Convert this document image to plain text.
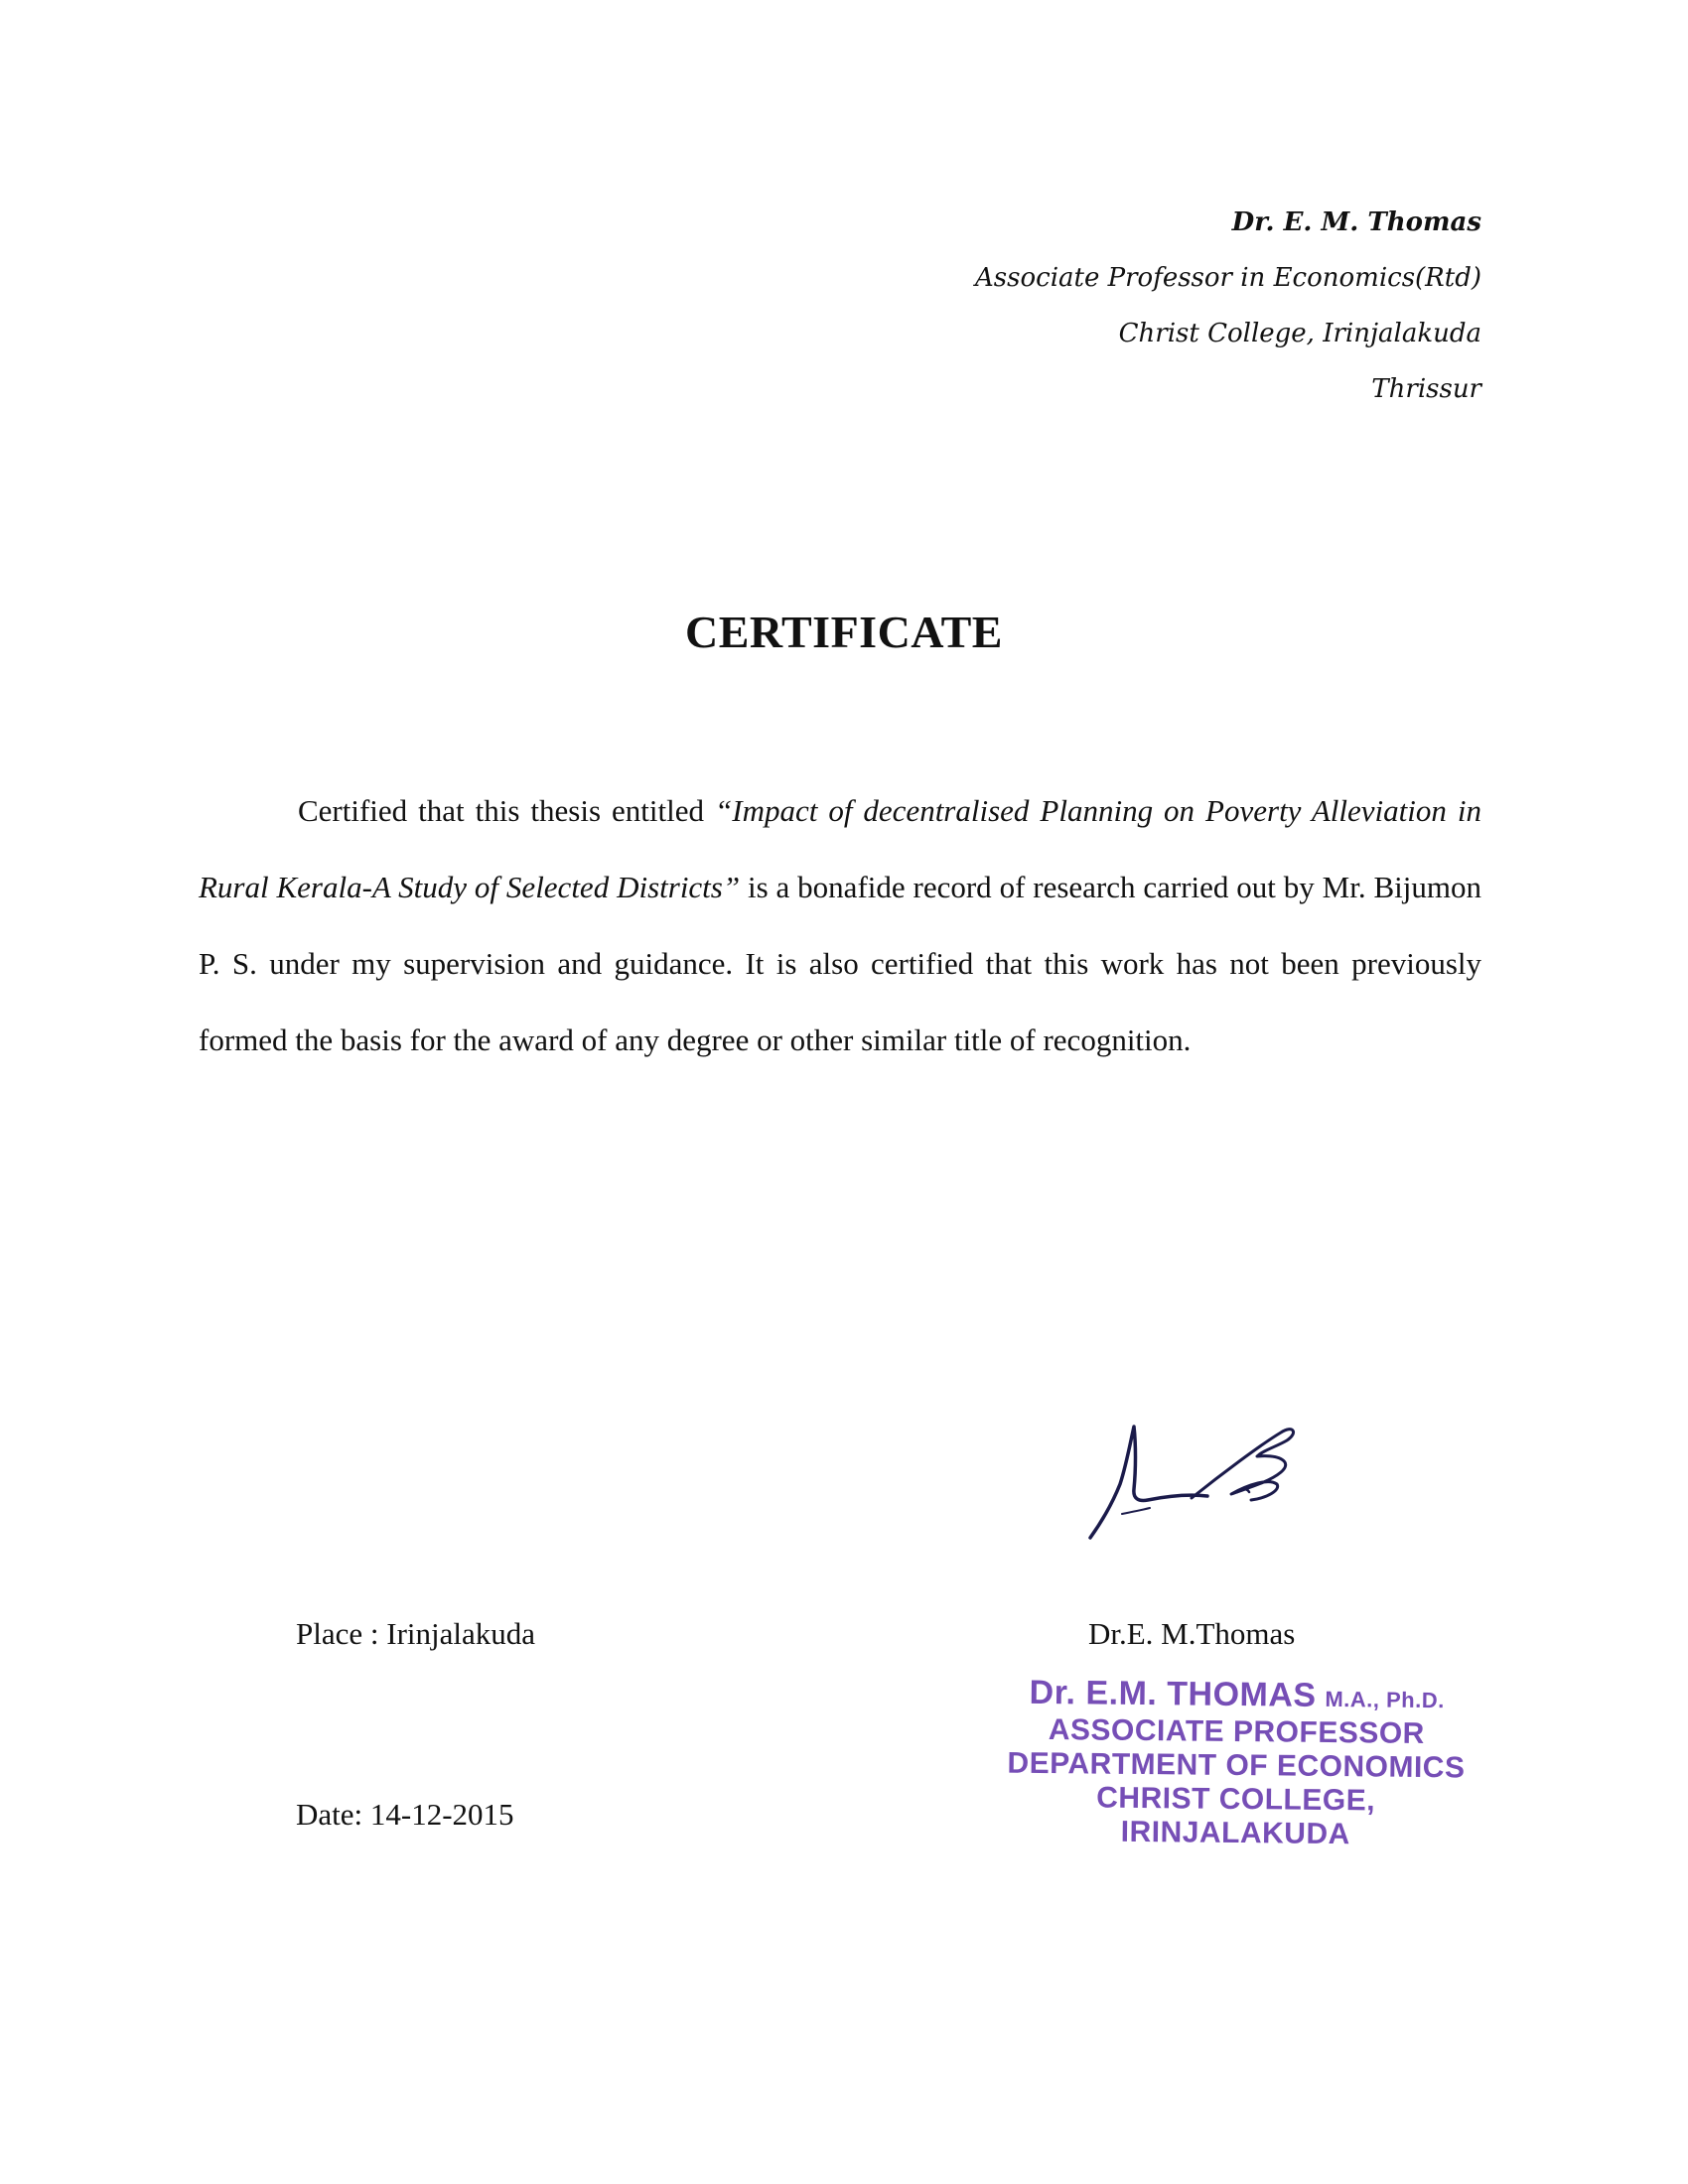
Dr. E. M. Thomas
Associate Professor in Economics(Rtd)
Christ College, Irinjalakuda
Thrissur
CERTIFICATE

Certified that this thesis entitled “Impact of decentralised Planning on Poverty Alleviation in Rural Kerala-A Study of Selected Districts” is a bonafide record of research carried out by Mr. Bijumon P. S. under my supervision and guidance. It is also certified that this work has not been previously formed the basis for the award of any degree or other similar title of recognition.

Place : Irinjalakuda	Dr.E. M.Thomas
Date: 14-12-2015
Dr. E.M. THOMAS M.A., Ph.D.
ASSOCIATE PROFESSOR
DEPARTMENT OF ECONOMICS
CHRIST COLLEGE, IRINJALAKUDA
